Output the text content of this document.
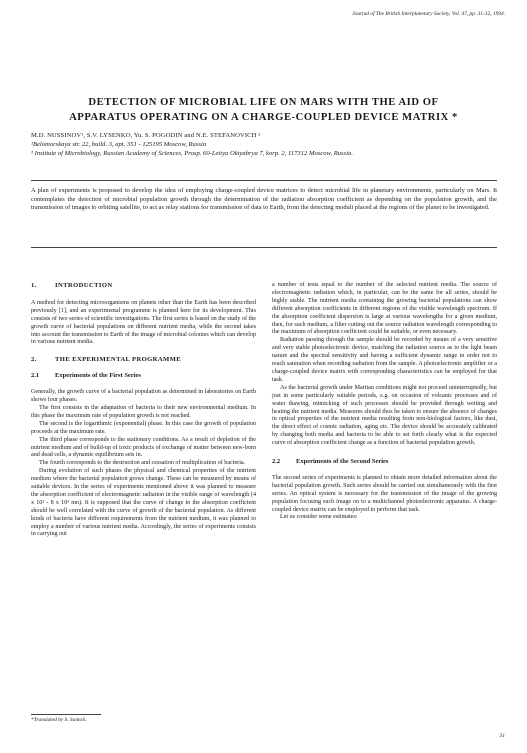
Journal of The British Interplanetary Society, Vol. 47, pp. 31-32, 1994.
DETECTION OF MICROBIAL LIFE ON MARS WITH THE AID OF
APPARATUS OPERATING ON A CHARGE-COUPLED DEVICE MATRIX *
M.D. NUSSINOV¹, S.V. LYSENKO, Yu. S. POGODIN and N.E. STEFANOVICH ²
¹Belomorskaya str. 22, build. 3, apt. 351 - 125195 Moscow, Russia
² Institute of Microbiology, Russian Academy of Sciences, Prosp. 60-Letiya Oktyabrya 7, korp. 2, 117312 Moscow, Russia.
A plan of experiments is proposed to develop the idea of employing charge-coupled device matrices to detect microbial life in planetary environments, particularly on Mars. It contemplates the detection of microbial population growth through the determination of the radiation absorption coefficient as depending on the population growth, and the transmission of images to orbiting satellite, to act as relay stations for transmission of data to Earth, from the detecting moduli placed at the regions of the planet to be investigated.

1.	INTRODUCTION

A method for detecting microorganisms on planets other than the Earth has been described previously [1], and an experimental programme is planned here for its development. This consists of two series of scientific investigations. The first series is based on the study of the growth curve of bacterial populations on different nutrient media, while the second takes into account the transmission to Earth of the image of microbial colonies which can develop in various nutrient media.

2.	THE EXPERIMENTAL PROGRAMME

2.1 Experiments of the First Series

Generally, the growth curve of a bacterial population as determined in laboratories on Earth shows four phases.

The first consists in the adaptation of bacteria to their new environmental medium. In this phase the maximum rate of population growth is not reached.

The second is the logarithmic (exponential) phase. In this case the growth of population proceeds at the maximum rate.

The third phase corresponds to the stationary conditions. As a result of depletion of the nutrient medium and of build-up of toxic products of exchange of matter between new-born and dead cells, a dynamic equilibrium sets in.

The fourth corresponds to the destruction and cessation of multiplication of bacteria.

During evolution of such phases the physical and chemical properties of the nutrient medium where the bacterial population grows change. These can be measured by means of suitable devices. In the series of experiments mentioned above it was planned to measure the absorption coefficient of electromagnetic radiation in the visible range of wavelength (4 x 10² - 8 x 10² nm). It is supposed that the curve of change in the absorption coefficient should be well correlated with the curve of growth of the bacterial population. As different kinds of bacteria have different requirements from the nutrient medium, it was planned to employ a number of various nutrient media. Accordingly, the series of experiments consists in carrying out

a number of tests equal to the number of the selected nutrient media. The source of electromagnetic radiation which, in particular, can be the same for all series, should be highly stable. The nutrient media containing the growing bacterial populations can show different absorption coefficients in different regions of the visible wavelength spectrum. If the absorption coefficient dispersion is large at various wavelengths for a given medium, then, for such medium, a filter cutting out the source radiation wavelength corresponding to the maximum of absorption coefficient could be suitable, or even necessary.

Radiation passing through the sample should be recorded by means of a very sensitive and very stable photoelectronic device, matching the radiation source as to the light beam nature and the spectral sensitivity and having a sufficient dynamic range in order not to reach saturation when recording radiation from the sample. A photoelectronic amplifier or a charge-coupled device matrix with corresponding characteristics can be employed for that task.

As the bacterial growth under Martian conditions might not proceed uninterruptedly, but just in some particularly suitable periods, e.g. on occasion of volcanic processes and of water thawing, mimicking of such processes should be provided through wetting and heating the nutrient media. Measures should thus be taken to ensure the absence of changes in optical properties of the nutrient media resulting from non-biological factors, like dust, the direct effect of cosmic radiation, aging etc. The device should be accurately calibrated by changing both media and bacteria to be able to set forth clearly what is the expected curve of absorption coefficient change as a function of bacterial population growth.

2.2 Experiments of the Second Series

The second series of experiments is planned to obtain more detailed information about the bacterial population growth. Such series should be carried out simultaneously with the first series. An optical system is necessary for the transmission of the image of the growing population focusing such image on to a multichannel photoelectronic apparatus. A charge-coupled device matrix can be employed to perform that task.

Let us consider some estimates:

*Translated by S. Santoli.
31
